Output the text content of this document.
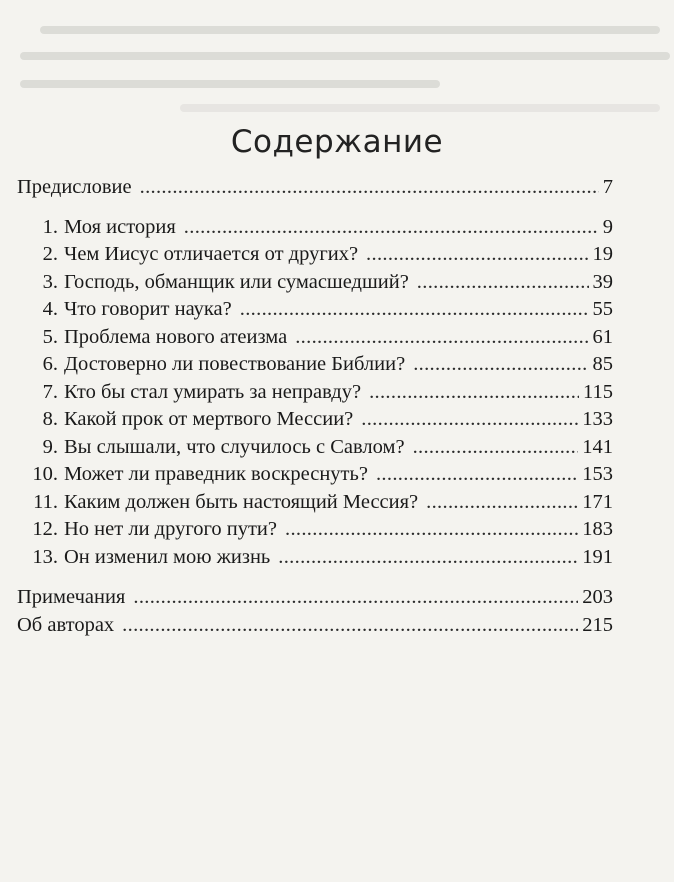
Содержание
Предисловие . . .	7
1. Моя история . . .	9
2. Чем Иисус отличается от других? . . .	19
3. Господь, обманщик или сумасшедший? . . .	39
4. Что говорит наука? . . .	55
5. Проблема нового атеизма . . .	61
6. Достоверно ли повествование Библии? . . .	85
7. Кто бы стал умирать за неправду? . . .	115
8. Какой прок от мертвого Мессии? . . .	133
9. Вы слышали, что случилось с Савлом? . . .	141
10. Может ли праведник воскреснуть? . . .	153
11. Каким должен быть настоящий Мессия? . . .	171
12. Но нет ли другого пути? . . .	183
13. Он изменил мою жизнь . . .	191
Примечания . . .	203
Об авторах . . .	215
